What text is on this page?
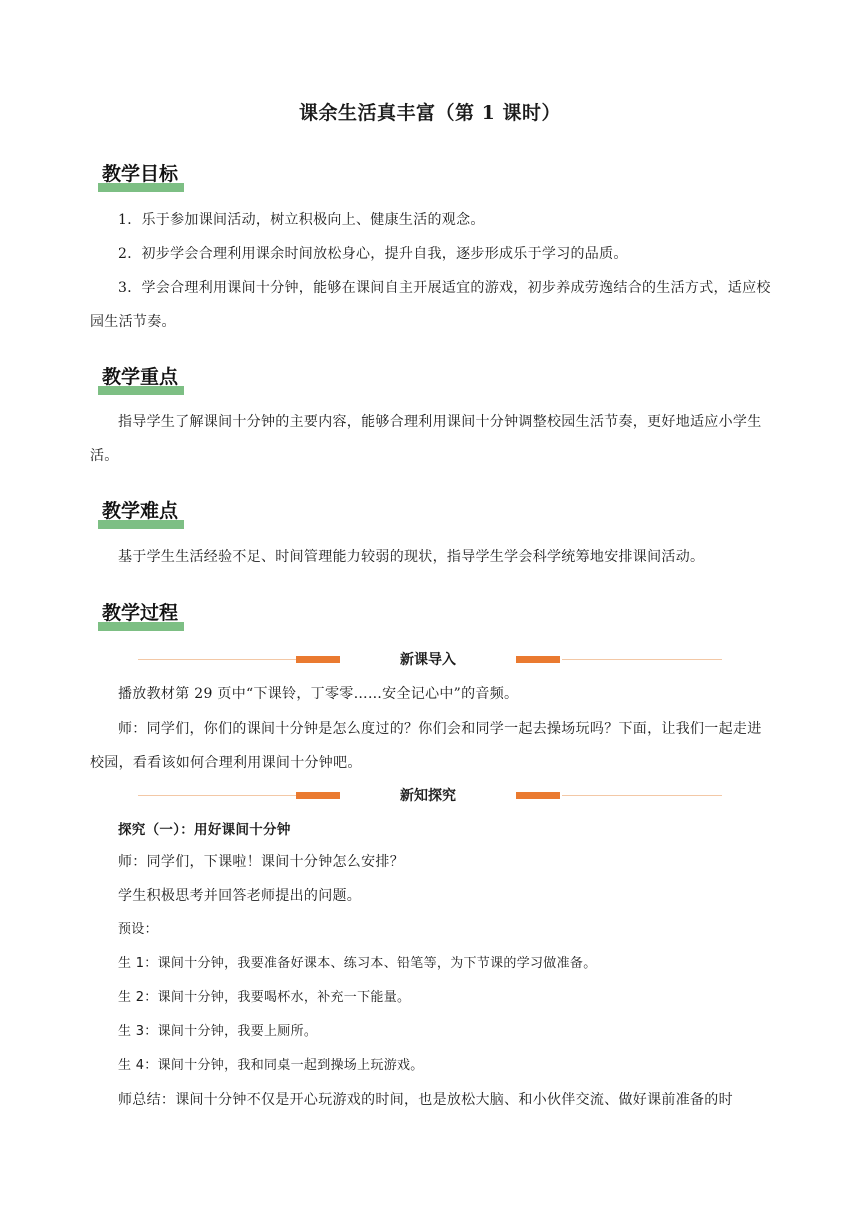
课余生活真丰富（第 1 课时）
教学目标
1．乐于参加课间活动，树立积极向上、健康生活的观念。
2．初步学会合理利用课余时间放松身心，提升自我，逐步形成乐于学习的品质。
3．学会合理利用课间十分钟，能够在课间自主开展适宜的游戏，初步养成劳逸结合的生活方式，适应校园生活节奏。
教学重点
指导学生了解课间十分钟的主要内容，能够合理利用课间十分钟调整校园生活节奏，更好地适应小学生活。
教学难点
基于学生生活经验不足、时间管理能力较弱的现状，指导学生学会科学统筹地安排课间活动。
教学过程
新课导入
播放教材第 29 页中“下课铃，丁零零……安全记心中”的音频。
师：同学们，你们的课间十分钟是怎么度过的？你们会和同学一起去操场玩吗？下面，让我们一起走进校园，看看该如何合理利用课间十分钟吧。
新知探究
探究（一）：用好课间十分钟
师：同学们，下课啦！课间十分钟怎么安排？
学生积极思考并回答老师提出的问题。
预设：
生 1：课间十分钟，我要准备好课本、练习本、铅笔等，为下节课的学习做准备。
生 2：课间十分钟，我要喝杯水，补充一下能量。
生 3：课间十分钟，我要上厕所。
生 4：课间十分钟，我和同桌一起到操场上玩游戏。
师总结：课间十分钟不仅是开心玩游戏的时间，也是放松大脑、和小伙伴交流、做好课前准备的时
